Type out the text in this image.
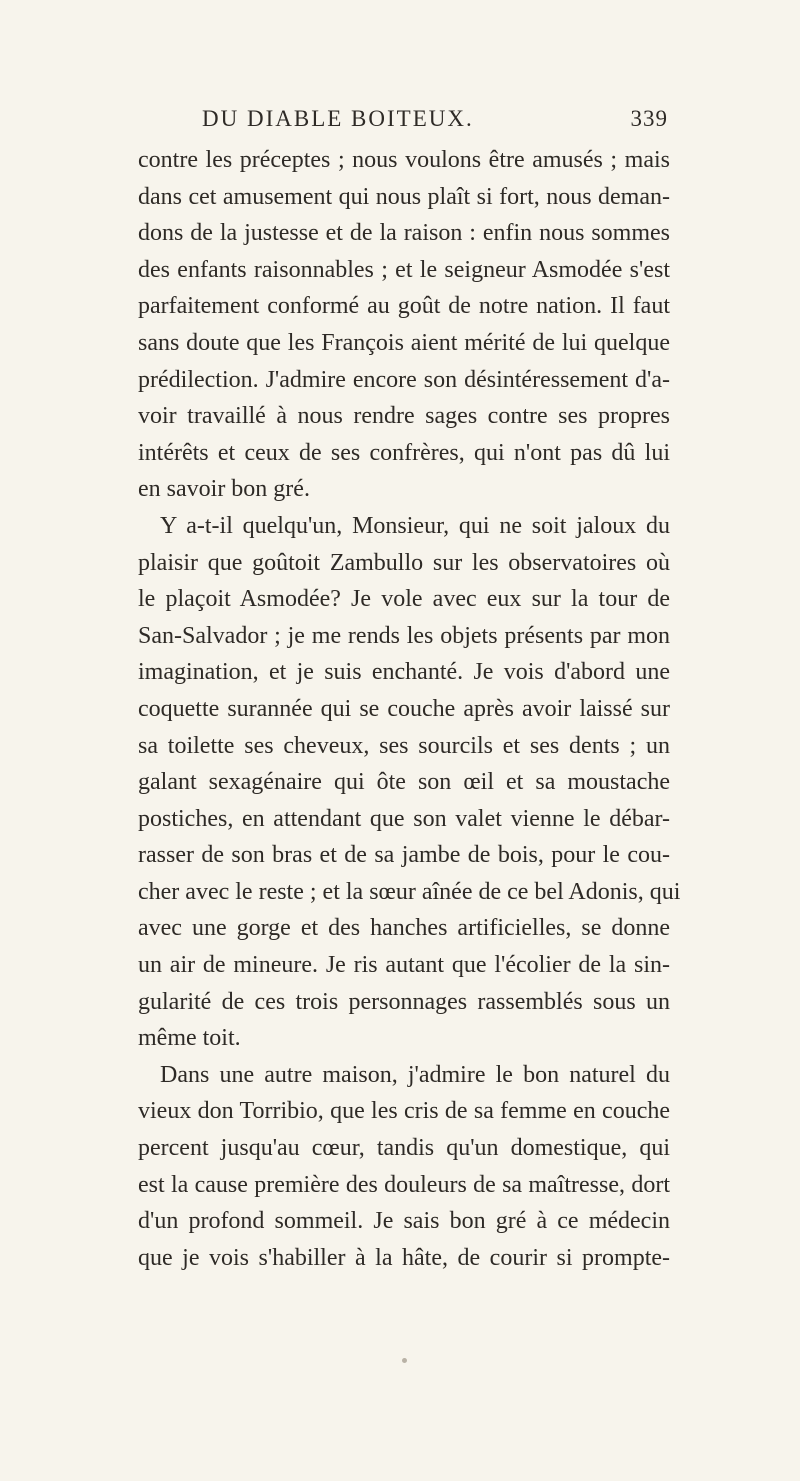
DU DIABLE BOITEUX.	339
contre les préceptes ; nous voulons être amusés ; mais
dans cet amusement qui nous plaît si fort, nous deman-
dons de la justesse et de la raison : enfin nous sommes
des enfants raisonnables ; et le seigneur Asmodée s'est
parfaitement conformé au goût de notre nation. Il faut
sans doute que les François aient mérité de lui quelque
prédilection. J'admire encore son désintéressement d'a-
voir travaillé à nous rendre sages contre ses propres
intérêts et ceux de ses confrères, qui n'ont pas dû lui
en savoir bon gré.
Y a-t-il quelqu'un, Monsieur, qui ne soit jaloux du
plaisir que goûtoit Zambullo sur les observatoires où
le plaçoit Asmodée? Je vole avec eux sur la tour de
San-Salvador ; je me rends les objets présents par mon
imagination, et je suis enchanté. Je vois d'abord une
coquette surannée qui se couche après avoir laissé sur
sa toilette ses cheveux, ses sourcils et ses dents ; un
galant sexagénaire qui ôte son œil et sa moustache
postiches, en attendant que son valet vienne le débar-
rasser de son bras et de sa jambe de bois, pour le cou-
cher avec le reste ; et la sœur aînée de ce bel Adonis, qui
avec une gorge et des hanches artificielles, se donne
un air de mineure. Je ris autant que l'écolier de la sin-
gularité de ces trois personnages rassemblés sous un
même toit.
Dans une autre maison, j'admire le bon naturel du
vieux don Torribio, que les cris de sa femme en couche
percent jusqu'au cœur, tandis qu'un domestique, qui
est la cause première des douleurs de sa maîtresse, dort
d'un profond sommeil. Je sais bon gré à ce médecin
que je vois s'habiller à la hâte, de courir si prompte-
